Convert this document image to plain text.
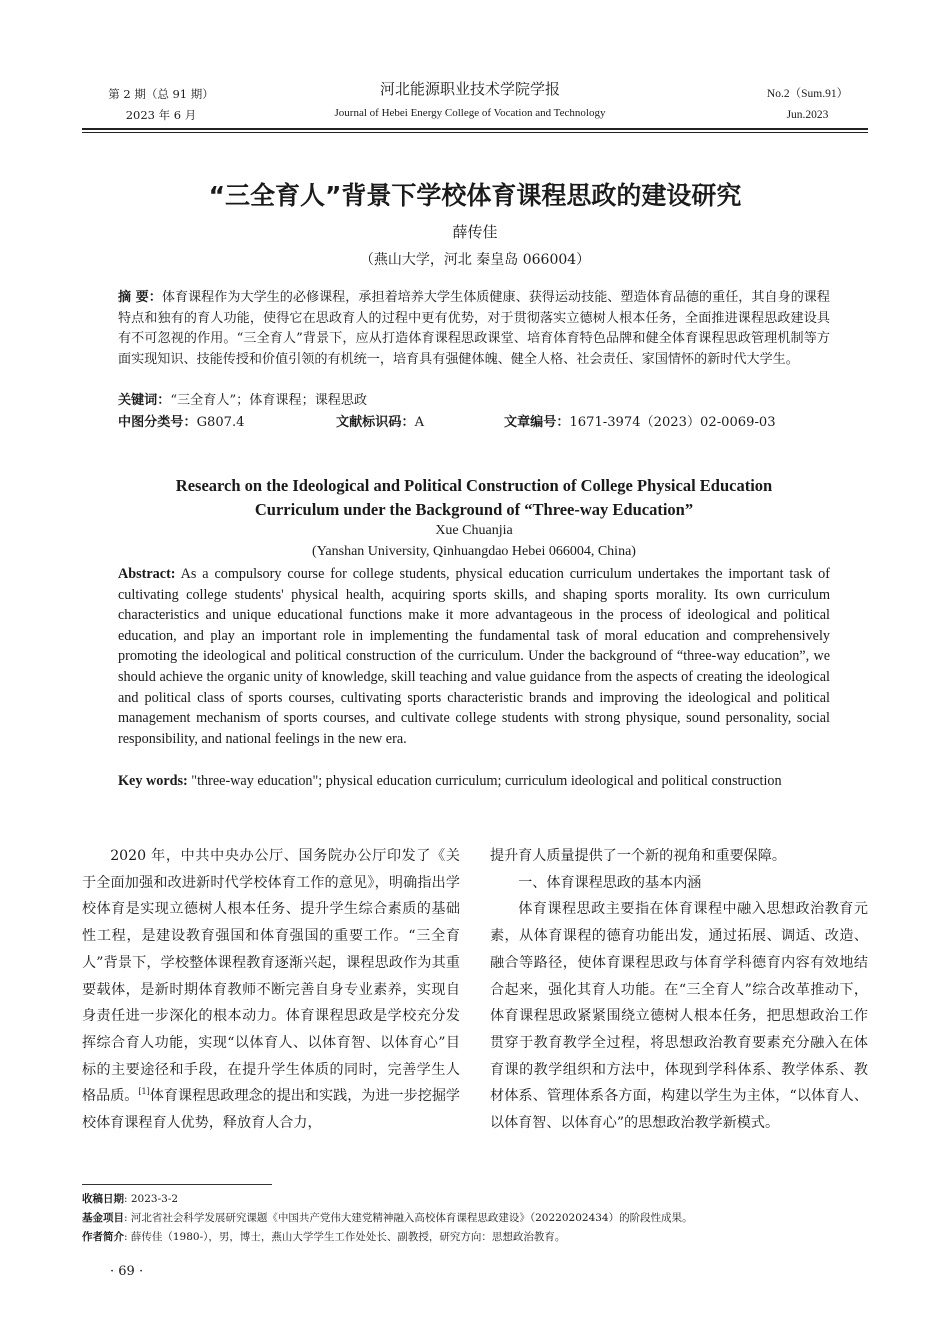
第 2 期（总 91 期）
2023 年 6 月
河北能源职业技术学院学报
Journal of Hebei Energy College of Vocation and Technology
No.2（Sum.91）
Jun.2023
“三全育人”背景下学校体育课程思政的建设研究
薛传佳
（燕山大学，河北 秦皇岛 066004）
摘 要：体育课程作为大学生的必修课程，承担着培养大学生体质健康、获得运动技能、塑造体育品德的重任，其自身的课程特点和独有的育人功能，使得它在思政育人的过程中更有优势，对于贯彻落实立德树人根本任务，全面推进课程思政建设具有不可忽视的作用。“三全育人”背景下，应从打造体育课程思政课堂、培育体育特色品牌和健全体育课程思政管理机制等方面实现知识、技能传授和价值引领的有机统一，培育具有强健体魄、健全人格、社会责任、家国情怀的新时代大学生。
关键词：“三全育人”；体育课程；课程思政
中图分类号：G807.4	文献标识码：A	文章编号：1671-3974（2023）02-0069-03
Research on the Ideological and Political Construction of College Physical Education
Curriculum under the Background of “Three-way Education”
Xue Chuanjia
(Yanshan University, Qinhuangdao Hebei 066004, China)
Abstract: As a compulsory course for college students, physical education curriculum undertakes the important task of cultivating college students' physical health, acquiring sports skills, and shaping sports morality. Its own curriculum characteristics and unique educational functions make it more advantageous in the process of ideological and political education, and play an important role in implementing the fundamental task of moral education and comprehensively promoting the ideological and political construction of the curriculum. Under the background of “three-way education”, we should achieve the organic unity of knowledge, skill teaching and value guidance from the aspects of creating the ideological and political class of sports courses, cultivating sports characteristic brands and improving the ideological and political management mechanism of sports courses, and cultivate college students with strong physique, sound personality, social responsibility, and national feelings in the new era.
Key words: "three-way education"; physical education curriculum; curriculum ideological and political construction

2020 年，中共中央办公厅、国务院办公厅印发了《关于全面加强和改进新时代学校体育工作的意见》，明确指出学校体育是实现立德树人根本任务、提升学生综合素质的基础性工程，是建设教育强国和体育强国的重要工作。“三全育人”背景下，学校整体课程教育逐渐兴起，课程思政作为其重要载体，是新时期体育教师不断完善自身专业素养，实现自身责任进一步深化的根本动力。体育课程思政是学校充分发挥综合育人功能，实现“以体育人、以体育智、以体育心”目标的主要途径和手段，在提升学生体质的同时，完善学生人格品质。[1]体育课程思政理念的提出和实践，为进一步挖掘学校体育课程育人优势，释放育人合力，

提升育人质量提供了一个新的视角和重要保障。

一、体育课程思政的基本内涵

体育课程思政主要指在体育课程中融入思想政治教育元素，从体育课程的德育功能出发，通过拓展、调适、改造、融合等路径，使体育课程思政与体育学科德育内容有效地结合起来，强化其育人功能。在“三全育人”综合改革推动下，体育课程思政紧紧围绕立德树人根本任务，把思想政治工作贯穿于教育教学全过程，将思想政治教育要素充分融入在体育课的教学组织和方法中，体现到学科体系、教学体系、教材体系、管理体系各方面，构建以学生为主体，“以体育人、以体育智、以体育心”的思想政治教学新模式。

收稿日期: 2023-3-2
基金项目: 河北省社会科学发展研究课题《中国共产党伟大建党精神融入高校体育课程思政建设》（20220202434）的阶段性成果。
作者简介: 薛传佳（1980-），男，博士，燕山大学学生工作处处长、副教授，研究方向：思想政治教育。
· 69 ·
